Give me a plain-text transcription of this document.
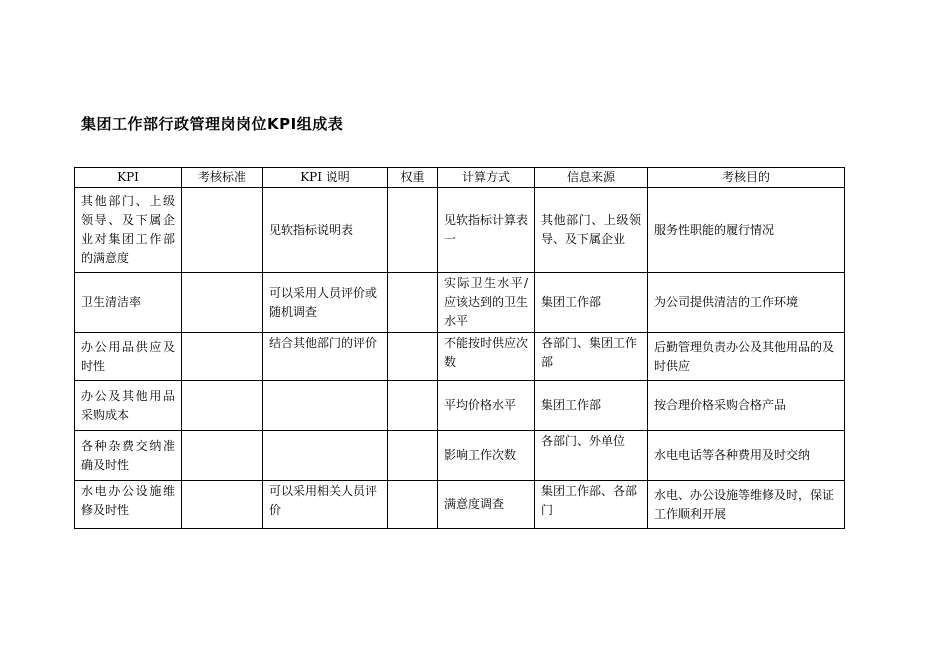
集团工作部行政管理岗岗位KPI组成表
KPI	考核标准	KPI 说明	权重	计算方式	信息来源	考核目的
其他部门、上级领导、及下属企业对集团工作部的满意度		见软指标说明表		见软指标计算表一	其他部门、上级领导、及下属企业	服务性职能的履行情况
卫生清洁率		可以采用人员评价或随机调查		实际卫生水平/应该达到的卫生水平	集团工作部	为公司提供清洁的工作环境
办公用品供应及时性		结合其他部门的评价		不能按时供应次数	各部门、集团工作部	后勤管理负责办公及其他用品的及时供应
办公及其他用品采购成本				平均价格水平	集团工作部	按合理价格采购合格产品
各种杂费交纳准确及时性				影响工作次数	各部门、外单位	水电电话等各种费用及时交纳
水电办公设施维修及时性		可以采用相关人员评价		满意度调查	集团工作部、各部门	水电、办公设施等维修及时，保证工作顺利开展
